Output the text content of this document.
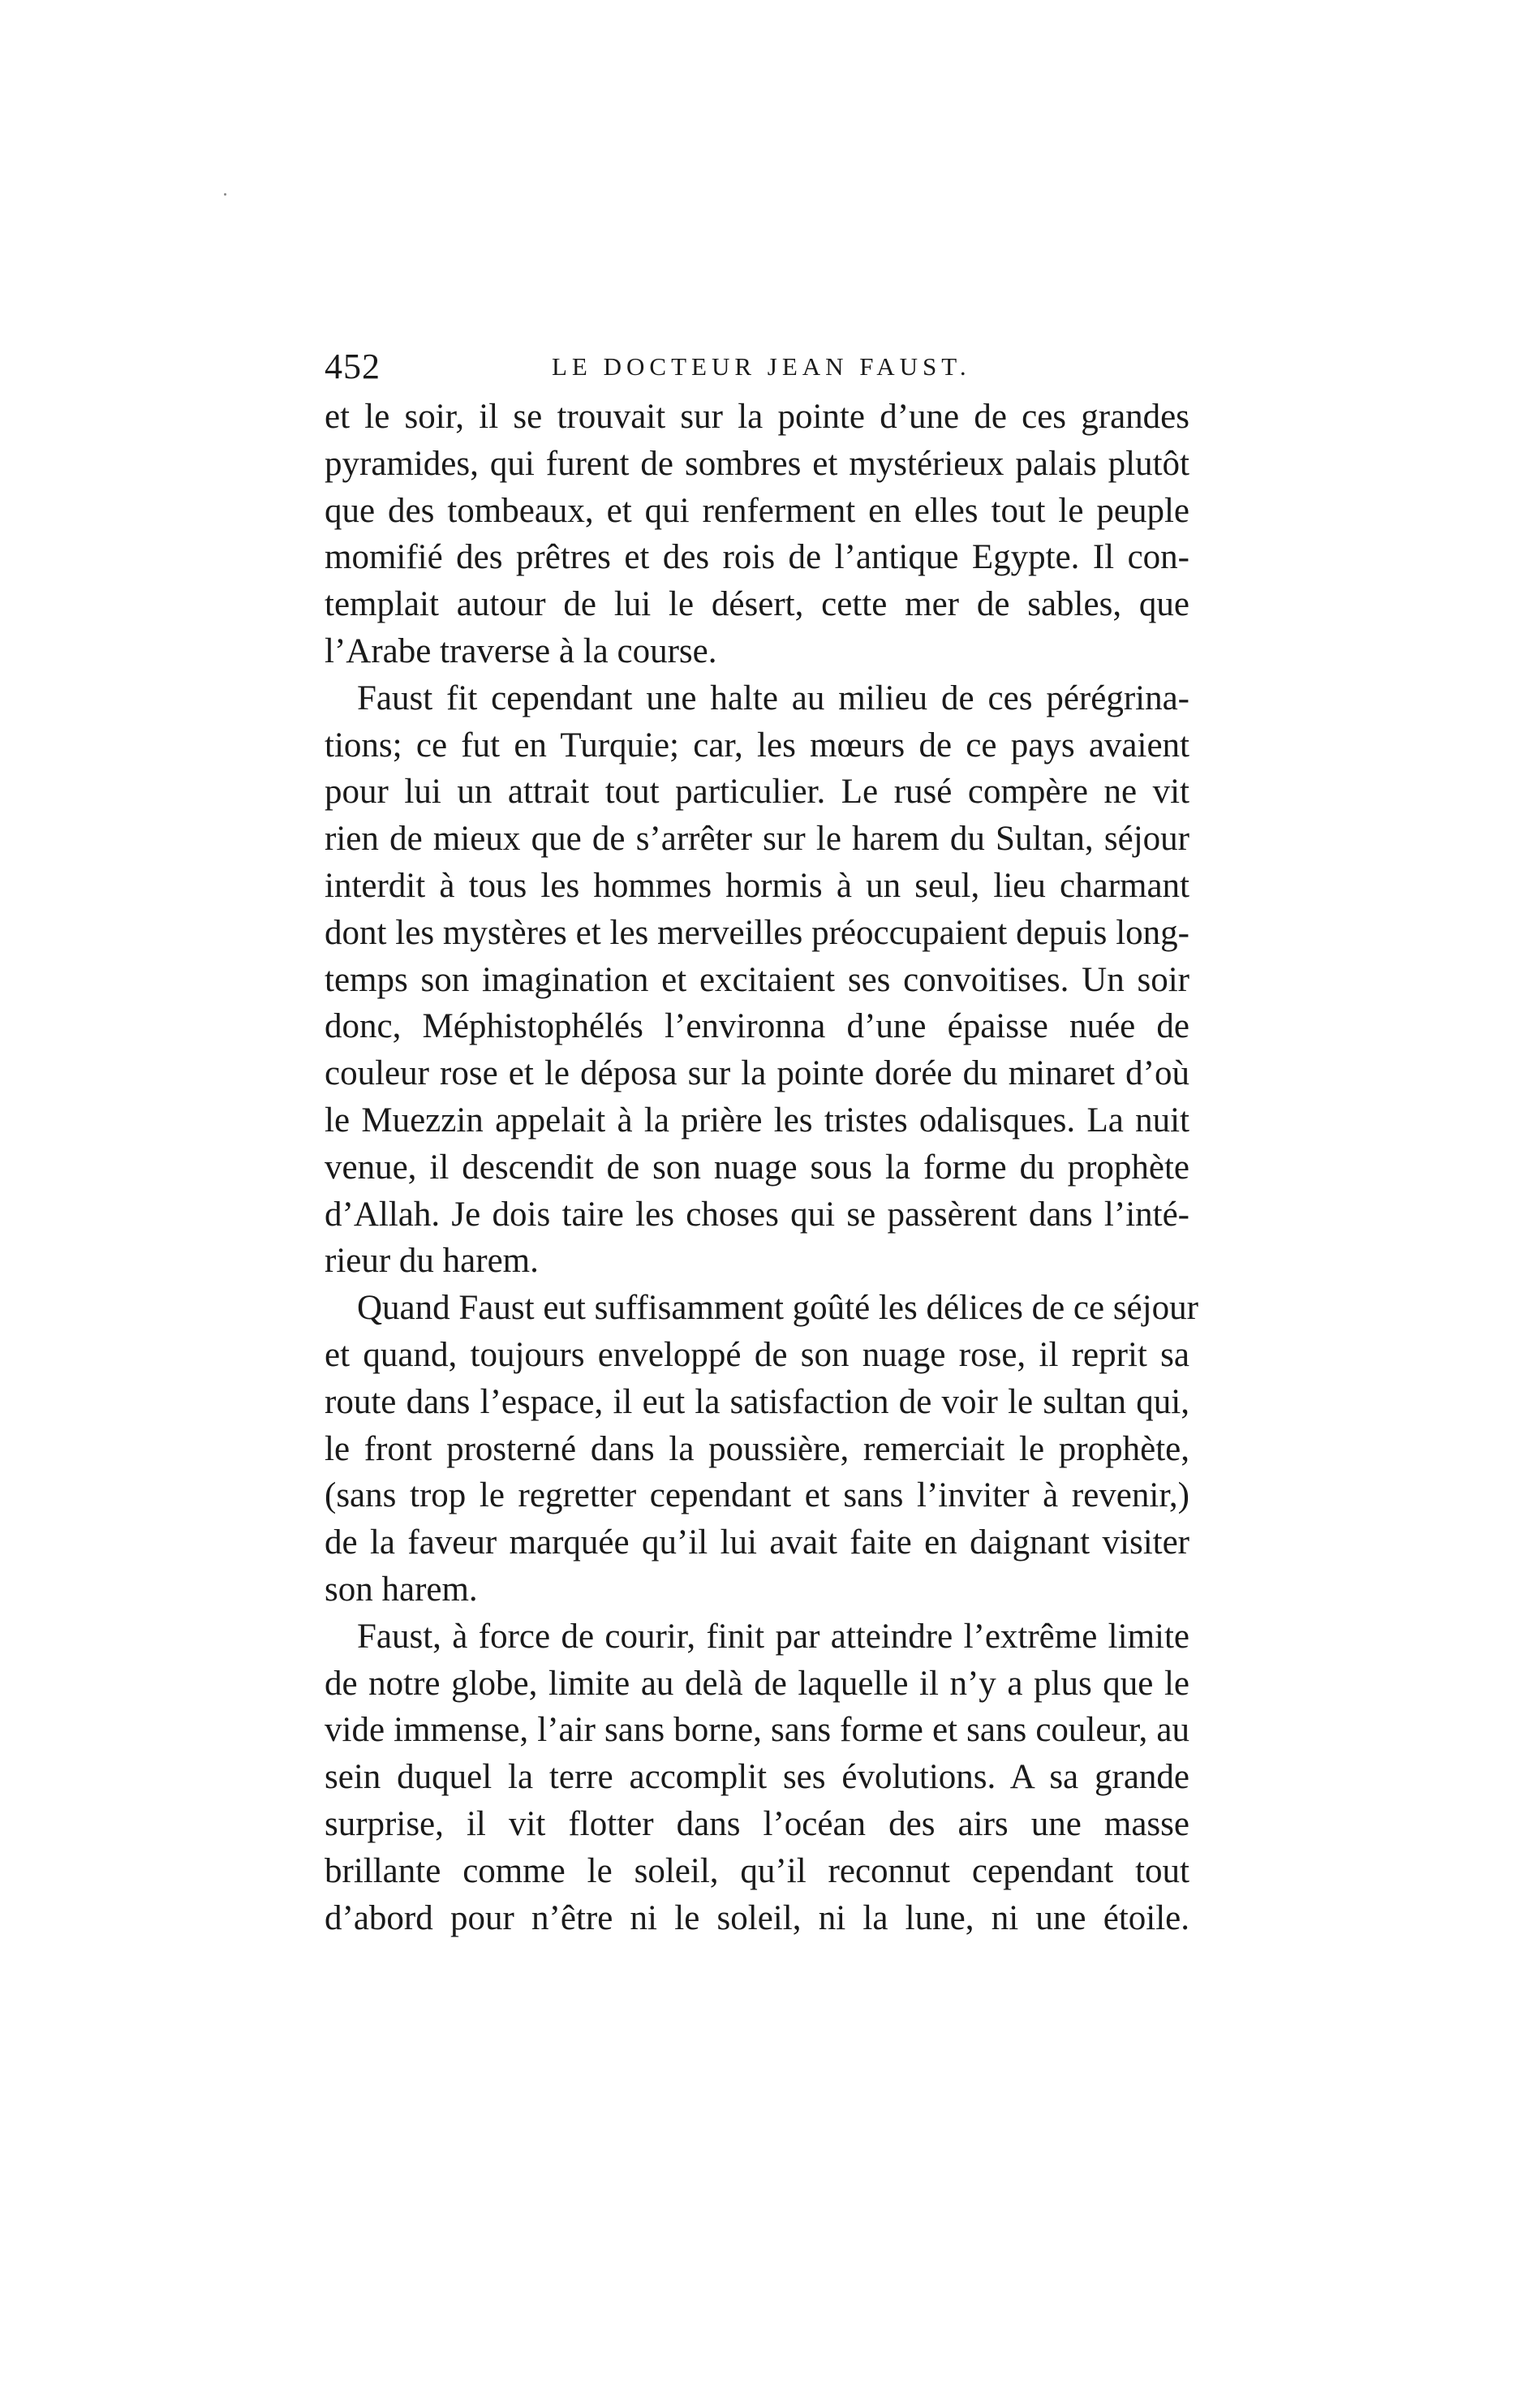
452	LE DOCTEUR JEAN FAUST.
et le soir, il se trouvait sur la pointe d’une de ces grandes
pyramides, qui furent de sombres et mystérieux palais plutôt
que des tombeaux, et qui renferment en elles tout le peuple
momifié des prêtres et des rois de l’antique Egypte. Il con-
templait autour de lui le désert, cette mer de sables, que
l’Arabe traverse à la course.
Faust fit cependant une halte au milieu de ces pérégrina-
tions; ce fut en Turquie; car, les mœurs de ce pays avaient
pour lui un attrait tout particulier. Le rusé compère ne vit
rien de mieux que de s’arrêter sur le harem du Sultan, séjour
interdit à tous les hommes hormis à un seul, lieu charmant
dont les mystères et les merveilles préoccupaient depuis long-
temps son imagination et excitaient ses convoitises. Un soir
donc, Méphistophélés l’environna d’une épaisse nuée de
couleur rose et le déposa sur la pointe dorée du minaret d’où
le Muezzin appelait à la prière les tristes odalisques. La nuit
venue, il descendit de son nuage sous la forme du prophète
d’Allah. Je dois taire les choses qui se passèrent dans l’inté-
rieur du harem.
Quand Faust eut suffisamment goûté les délices de ce séjour
et quand, toujours enveloppé de son nuage rose, il reprit sa
route dans l’espace, il eut la satisfaction de voir le sultan qui,
le front prosterné dans la poussière, remerciait le prophète,
(sans trop le regretter cependant et sans l’inviter à revenir,)
de la faveur marquée qu’il lui avait faite en daignant visiter
son harem.
Faust, à force de courir, finit par atteindre l’extrême limite
de notre globe, limite au delà de laquelle il n’y a plus que le
vide immense, l’air sans borne, sans forme et sans couleur, au
sein duquel la terre accomplit ses évolutions. A sa grande
surprise, il vit flotter dans l’océan des airs une masse
brillante comme le soleil, qu’il reconnut cependant tout
d’abord pour n’être ni le soleil, ni la lune, ni une étoile.
